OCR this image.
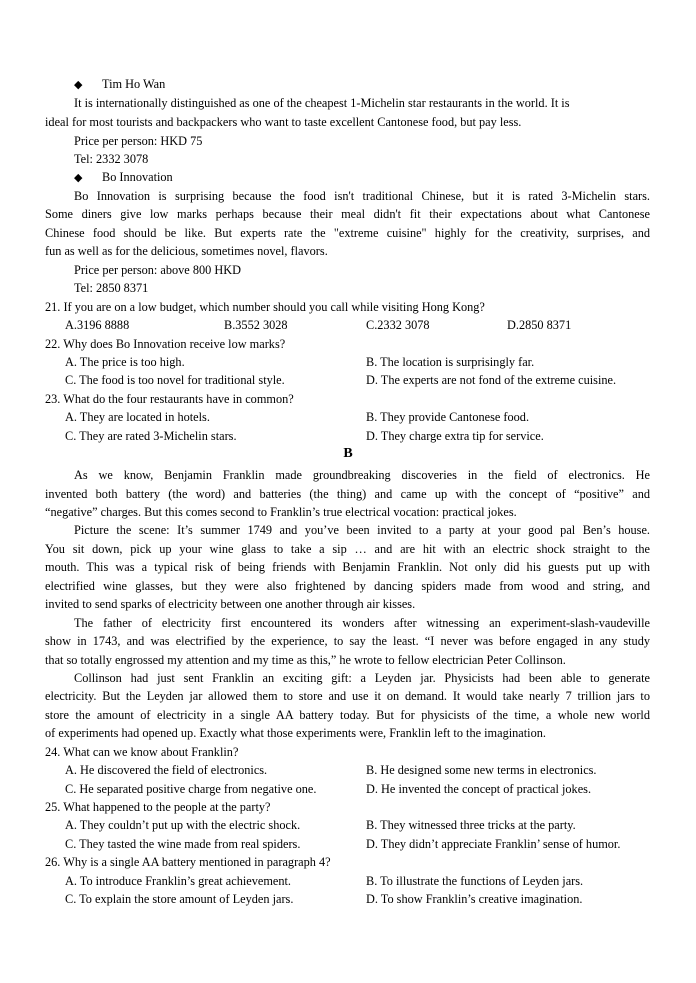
◆ Tim Ho Wan
It is internationally distinguished as one of the cheapest 1-Michelin star restaurants in the world. It is
ideal for most tourists and backpackers who want to taste excellent Cantonese food, but pay less.
Price per person: HKD 75
Tel: 2332 3078
◆ Bo Innovation
Bo Innovation is surprising because the food isn't traditional Chinese, but it is rated 3-Michelin stars.
Some diners give low marks perhaps because their meal didn't fit their expectations about what Cantonese
Chinese food should be like. But experts rate the "extreme cuisine" highly for the creativity, surprises, and
fun as well as for the delicious, sometimes novel, flavors.
Price per person: above 800 HKD
Tel: 2850 8371
21. If you are on a low budget, which number should you call while visiting Hong Kong?
A.3196 8888	B.3552 3028	C.2332 3078	D.2850 8371
22. Why does Bo Innovation receive low marks?
A. The price is too high.	B. The location is surprisingly far.
C. The food is too novel for traditional style.	D. The experts are not fond of the extreme cuisine.
23. What do the four restaurants have in common?
A. They are located in hotels.	B. They provide Cantonese food.
C. They are rated 3-Michelin stars.	D. They charge extra tip for service.
B
As we know, Benjamin Franklin made groundbreaking discoveries in the field of electronics. He
invented both battery (the word) and batteries (the thing) and came up with the concept of “positive” and
“negative” charges. But this comes second to Franklin’s true electrical vocation: practical jokes.
Picture the scene: It’s summer 1749 and you’ve been invited to a party at your good pal Ben’s house.
You sit down, pick up your wine glass to take a sip … and are hit with an electric shock straight to the
mouth. This was a typical risk of being friends with Benjamin Franklin. Not only did his guests put up with
electrified wine glasses, but they were also frightened by dancing spiders made from wood and string, and
invited to send sparks of electricity between one another through air kisses.
The father of electricity first encountered its wonders after witnessing an experiment-slash-vaudeville
show in 1743, and was electrified by the experience, to say the least. “I never was before engaged in any study
that so totally engrossed my attention and my time as this,” he wrote to fellow electrician Peter Collinson.
Collinson had just sent Franklin an exciting gift: a Leyden jar. Physicists had been able to generate
electricity. But the Leyden jar allowed them to store and use it on demand. It would take nearly 7 trillion jars to
store the amount of electricity in a single AA battery today. But for physicists of the time, a whole new world
of experiments had opened up. Exactly what those experiments were, Franklin left to the imagination.
24. What can we know about Franklin?
A. He discovered the field of electronics.	B. He designed some new terms in electronics.
C. He separated positive charge from negative one.	D. He invented the concept of practical jokes.
25. What happened to the people at the party?
A. They couldn’t put up with the electric shock.	B. They witnessed three tricks at the party.
C. They tasted the wine made from real spiders.	D. They didn’t appreciate Franklin’ sense of humor.
26. Why is a single AA battery mentioned in paragraph 4?
A. To introduce Franklin’s great achievement.	B. To illustrate the functions of Leyden jars.
C. To explain the store amount of Leyden jars.	D. To show Franklin’s creative imagination.
